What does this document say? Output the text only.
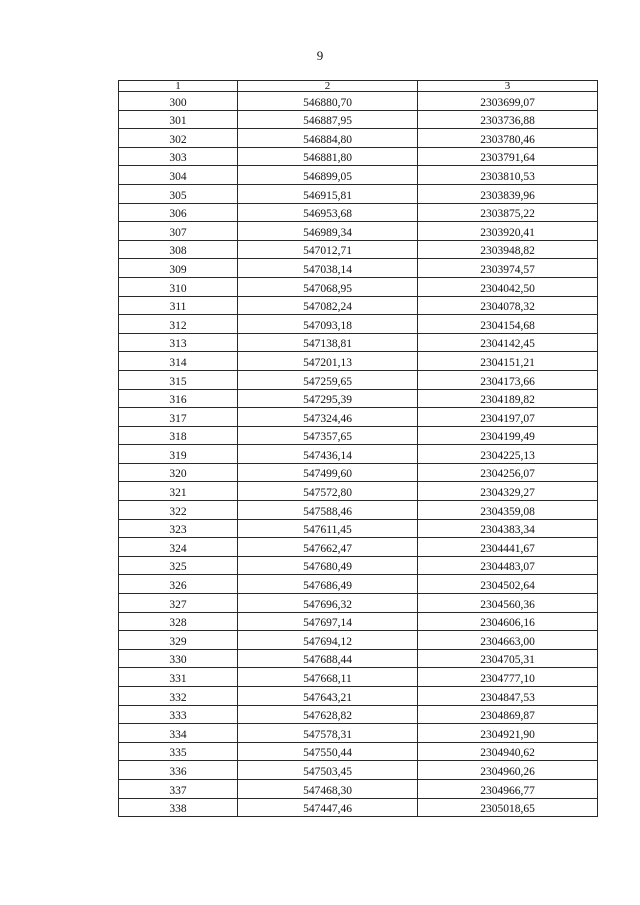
9
1	2	3
300	546880,70	2303699,07
301	546887,95	2303736,88
302	546884,80	2303780,46
303	546881,80	2303791,64
304	546899,05	2303810,53
305	546915,81	2303839,96
306	546953,68	2303875,22
307	546989,34	2303920,41
308	547012,71	2303948,82
309	547038,14	2303974,57
310	547068,95	2304042,50
311	547082,24	2304078,32
312	547093,18	2304154,68
313	547138,81	2304142,45
314	547201,13	2304151,21
315	547259,65	2304173,66
316	547295,39	2304189,82
317	547324,46	2304197,07
318	547357,65	2304199,49
319	547436,14	2304225,13
320	547499,60	2304256,07
321	547572,80	2304329,27
322	547588,46	2304359,08
323	547611,45	2304383,34
324	547662,47	2304441,67
325	547680,49	2304483,07
326	547686,49	2304502,64
327	547696,32	2304560,36
328	547697,14	2304606,16
329	547694,12	2304663,00
330	547688,44	2304705,31
331	547668,11	2304777,10
332	547643,21	2304847,53
333	547628,82	2304869,87
334	547578,31	2304921,90
335	547550,44	2304940,62
336	547503,45	2304960,26
337	547468,30	2304966,77
338	547447,46	2305018,65
